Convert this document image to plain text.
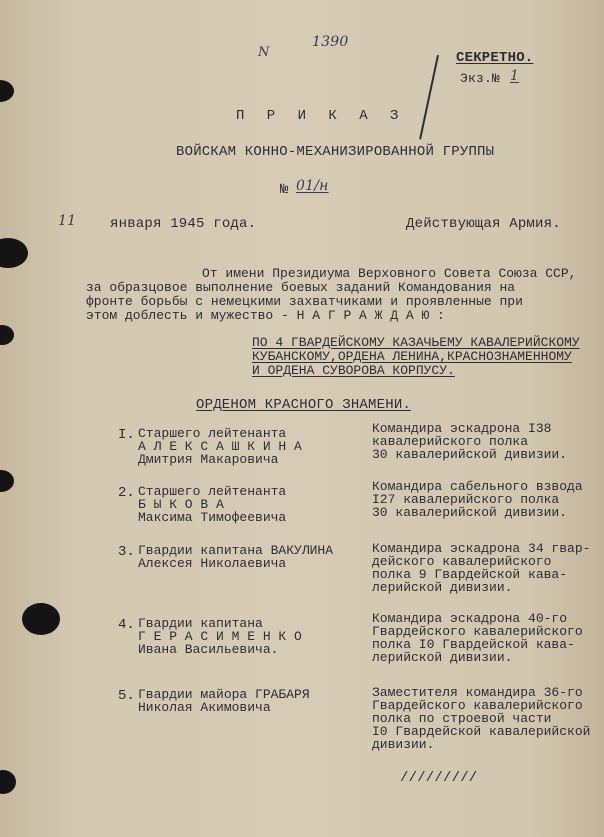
N
1390
СЕКРЕТНО.
Экз.№ 1
П Р И К А З
ВОЙСКАМ КОННО-МЕХАНИЗИРОВАННОЙ ГРУППЫ
№ 01/н
11 января 1945 года.	Действующая Армия.
От имени Президиума Верховного Совета Союза ССР,
за образцовое выполнение боевых заданий Командования на
фронте борьбы с немецкими захватчиками и проявленные при
этом доблесть и мужество - Н А Г Р А Ж Д А Ю :
ПО 4 ГВАРДЕЙСКОМУ КАЗАЧЬЕМУ КАВАЛЕРИЙСКОМУ
КУБАНСКОМУ,ОРДЕНА ЛЕНИНА,КРАСНОЗНАМЕННОМУ
И ОРДЕНА СУВОРОВА КОРПУСУ.
ОРДЕНОМ КРАСНОГО ЗНАМЕНИ.
I. Старшего лейтенанта
А Л Е К С А Ш К И Н А
Дмитрия Макаровича
Командира эскадрона I38
кавалерийского полка
30 кавалерийской дивизии.
2. Старшего лейтенанта
Б Ы К О В А
Максима Тимофеевича
Командира сабельного взвода
I27 кавалерийского полка
30 кавалерийской дивизии.
3. Гвардии капитана ВАКУЛИНА
Алексея Николаевича
Командира эскадрона 34 гвар-
дейского кавалерийского
полка 9 Гвардейской кава-
лерийской дивизии.
4. Гвардии капитана
Г Е Р А С И М Е Н К О
Ивана Васильевича.
Командира эскадрона 40-го
Гвардейского кавалерийского
полка I0 Гвардейской кава-
лерийской дивизии.
5. Гвардии майора ГРАБАРЯ
Николая Акимовича
Заместителя командира 36-го
Гвардейского кавалерийского
полка по строевой части
I0 Гвардейской кавалерийской
дивизии.
/////////
